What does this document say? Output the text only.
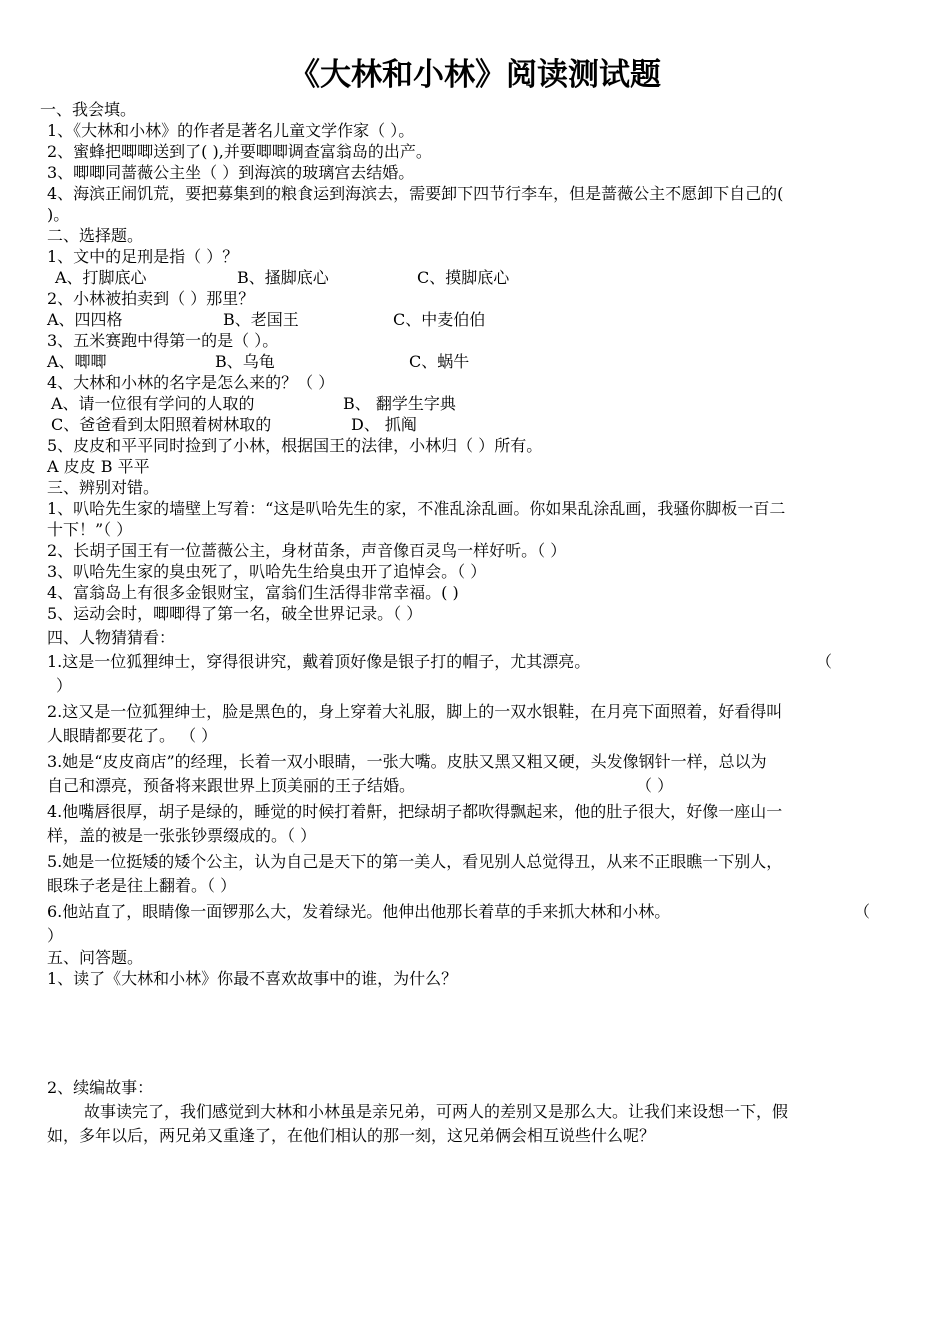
《大林和小林》阅读测试题
一、我会填。
1、《大林和小林》的作者是著名儿童文学作家（ ）。
2、蜜蜂把唧唧送到了( ),并要唧唧调查富翁岛的出产。
3、唧唧同蔷薇公主坐（ ）到海滨的玻璃宫去结婚。
4、海滨正闹饥荒，要把募集到的粮食运到海滨去，需要卸下四节行李车，但是蔷薇公主不愿卸下自己的(
)。
二、选择题。
1、文中的足刑是指（ ）？
A、打脚底心	B、搔脚底心	C、摸脚底心
2、小林被拍卖到（ ）那里？
A、四四格	B、老国王	C、中麦伯伯
3、五米赛跑中得第一的是（ ）。
A、唧唧	B、乌龟	C、蜗牛
4、大林和小林的名字是怎么来的？（ ）
A、请一位很有学问的人取的	B、 翻学生字典
C、爸爸看到太阳照着树林取的	D、 抓阄
5、皮皮和平平同时捡到了小林，根据国王的法律，小林归（ ）所有。
A 皮皮 B 平平
三、辨别对错。
1、叭哈先生家的墙壁上写着：“这是叭哈先生的家，不准乱涂乱画。你如果乱涂乱画，我骚你脚板一百二
十下！”（ ）
2、长胡子国王有一位蔷薇公主，身材苗条，声音像百灵鸟一样好听。（ ）
3、叭哈先生家的臭虫死了，叭哈先生给臭虫开了追悼会。（ ）
4、富翁岛上有很多金银财宝，富翁们生活得非常幸福。( )
5、运动会时，唧唧得了第一名，破全世界记录。（ ）
四、人物猜猜看：
1.这是一位狐狸绅士，穿得很讲究，戴着顶好像是银子打的帽子，尤其漂亮。	（
）
2.这又是一位狐狸绅士，脸是黑色的，身上穿着大礼服，脚上的一双水银鞋，在月亮下面照着，好看得叫
人眼睛都要花了。 （ ）
3.她是“皮皮商店”的经理，长着一双小眼睛，一张大嘴。皮肤又黑又粗又硬，头发像钢针一样，总以为
自己和漂亮，预备将来跟世界上顶美丽的王子结婚。	（ ）
4.他嘴唇很厚，胡子是绿的，睡觉的时候打着鼾，把绿胡子都吹得飘起来，他的肚子很大，好像一座山一
样，盖的被是一张张钞票缀成的。（ ）
5.她是一位挺矮的矮个公主，认为自己是天下的第一美人，看见别人总觉得丑，从来不正眼瞧一下别人，
眼珠子老是往上翻着。（ ）
6.他站直了，眼睛像一面锣那么大，发着绿光。他伸出他那长着草的手来抓大林和小林。	（
）
五、问答题。
1、读了《大林和小林》你最不喜欢故事中的谁，为什么？
2、续编故事：
故事读完了，我们感觉到大林和小林虽是亲兄弟，可两人的差别又是那么大。让我们来设想一下，假
如，多年以后，两兄弟又重逢了，在他们相认的那一刻，这兄弟俩会相互说些什么呢？
